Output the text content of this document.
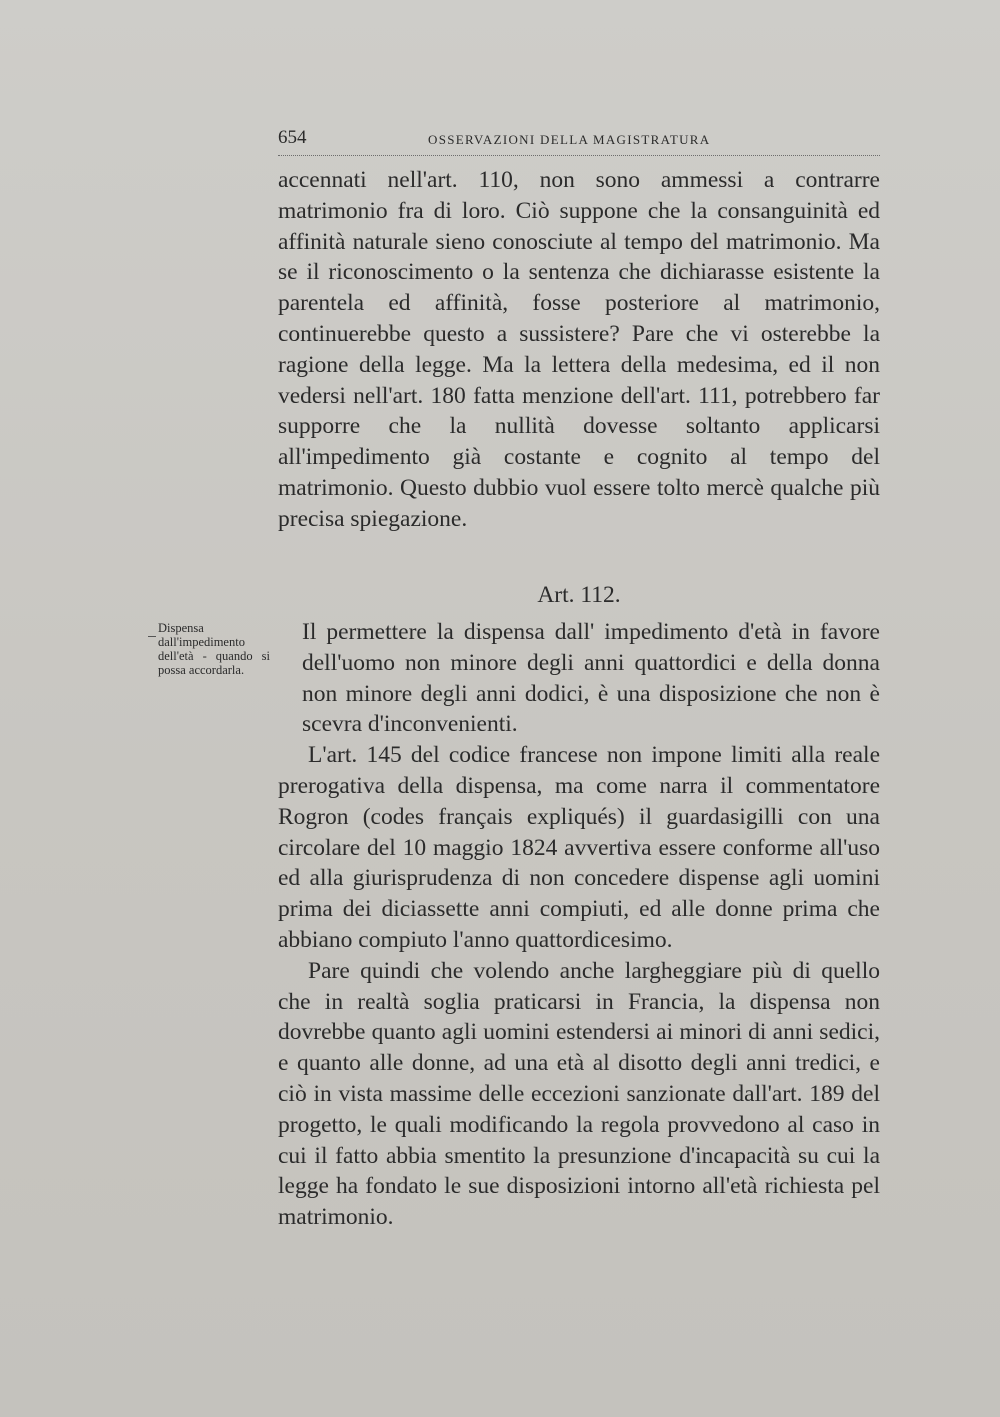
654	OSSERVAZIONI DELLA MAGISTRATURA

accennati nell'art. 110, non sono ammessi a contrarre matrimonio fra di loro. Ciò suppone che la consanguinità ed affinità naturale sieno conosciute al tempo del matrimonio. Ma se il riconoscimento o la sentenza che dichiarasse esistente la parentela ed affinità, fosse posteriore al matrimonio, continuerebbe questo a sussistere? Pare che vi osterebbe la ragione della legge. Ma la lettera della medesima, ed il non vedersi nell'art. 180 fatta menzione dell'art. 111, potrebbero far supporre che la nullità dovesse soltanto applicarsi all'impedimento già costante e cognito al tempo del matrimonio. Questo dubbio vuol essere tolto mercè qualche più precisa spiegazione.

Art. 112.
Dispensa dall'impedimento dell'età - quando si possa accordarla.

Il permettere la dispensa dall' impedimento d'età in favore dell'uomo non minore degli anni quattordici e della donna non minore degli anni dodici, è una disposizione che non è scevra d'inconvenienti.

L'art. 145 del codice francese non impone limiti alla reale prerogativa della dispensa, ma come narra il commentatore Rogron (codes français expliqués) il guardasigilli con una circolare del 10 maggio 1824 avvertiva essere conforme all'uso ed alla giurisprudenza di non concedere dispense agli uomini prima dei diciassette anni compiuti, ed alle donne prima che abbiano compiuto l'anno quattordicesimo.

Pare quindi che volendo anche largheggiare più di quello che in realtà soglia praticarsi in Francia, la dispensa non dovrebbe quanto agli uomini estendersi ai minori di anni sedici, e quanto alle donne, ad una età al disotto degli anni tredici, e ciò in vista massime delle eccezioni sanzionate dall'art. 189 del progetto, le quali modificando la regola provvedono al caso in cui il fatto abbia smentito la presunzione d'incapacità su cui la legge ha fondato le sue disposizioni intorno all'età richiesta pel matrimonio.
